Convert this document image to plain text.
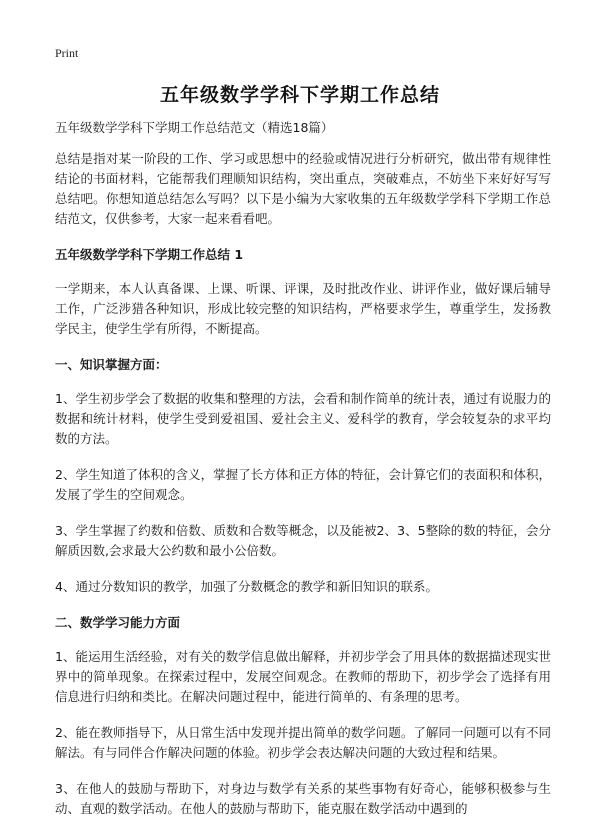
Print
五年级数学学科下学期工作总结

五年级数学学科下学期工作总结范文（精选18篇）

总结是指对某一阶段的工作、学习或思想中的经验或情况进行分析研究，做出带有规律性结论的书面材料，它能帮我们理顺知识结构，突出重点，突破难点，不妨坐下来好好写写总结吧。你想知道总结怎么写吗？以下是小编为大家收集的五年级数学学科下学期工作总结范文，仅供参考，大家一起来看看吧。

五年级数学学科下学期工作总结 1

一学期来，本人认真备课、上课、听课、评课，及时批改作业、讲评作业，做好课后辅导工作，广泛涉猎各种知识，形成比较完整的知识结构，严格要求学生，尊重学生，发扬教学民主，使学生学有所得，不断提高。

一、知识掌握方面：

1、学生初步学会了数据的收集和整理的方法，会看和制作简单的统计表，通过有说服力的数据和统计材料，使学生受到爱祖国、爱社会主义、爱科学的教育，学会较复杂的求平均数的方法。

2、学生知道了体积的含义，掌握了长方体和正方体的特征，会计算它们的表面积和体积，发展了学生的空间观念。

3、学生掌握了约数和倍数、质数和合数等概念，以及能被2、3、5整除的数的特征，会分解质因数,会求最大公约数和最小公倍数。

4、通过分数知识的教学，加强了分数概念的教学和新旧知识的联系。

二、数学学习能力方面

1、能运用生活经验，对有关的数学信息做出解释，并初步学会了用具体的数据描述现实世界中的简单现象。在探索过程中，发展空间观念。在教师的帮助下，初步学会了选择有用信息进行归纳和类比。在解决问题过程中，能进行简单的、有条理的思考。

2、能在教师指导下，从日常生活中发现并提出简单的数学问题。了解同一问题可以有不同解法。有与同伴合作解决问题的体验。初步学会表达解决问题的大致过程和结果。

3、在他人的鼓励与帮助下，对身边与数学有关系的某些事物有好奇心，能够积极参与生动、直观的数学活动。在他人的鼓励与帮助下，能克服在数学活动中遇到的
